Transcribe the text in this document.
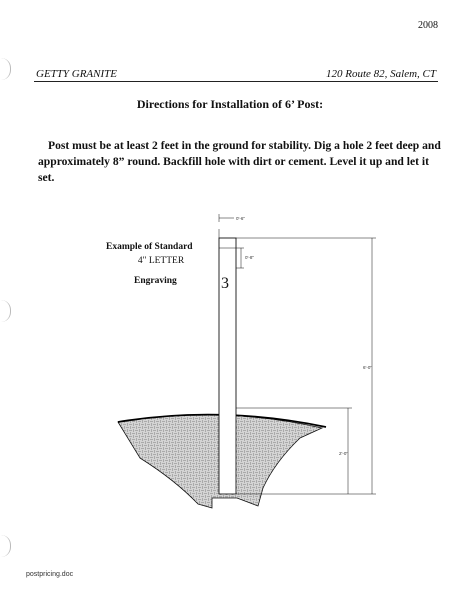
2008
GETTY GRANITE	120 Route 82, Salem, CT
Directions for Installation of 6’ Post:
Post must be at least 2 feet in the ground for stability. Dig a hole 2 feet deep and approximately 8” round. Backfill hole with dirt or cement. Level it up and let it set.
Example of Standard
4" LETTER
Engraving	3
0'-6"
0'-8"
6'-0"
2'-0"
postpricing.doc
